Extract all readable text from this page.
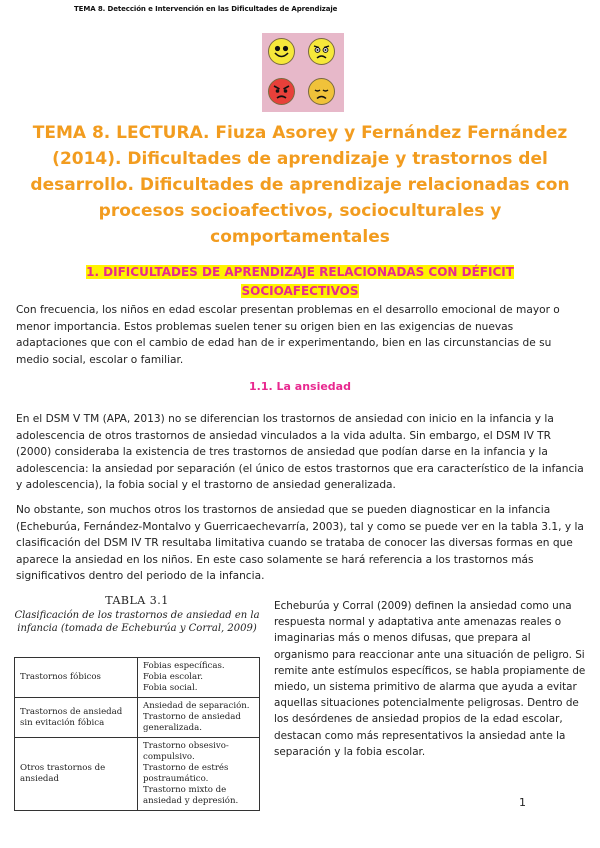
TEMA 8. Detección e Intervención en las Dificultades de Aprendizaje
TEMA 8. LECTURA. Fiuza Asorey y Fernández Fernández (2014). Dificultades de aprendizaje y trastornos del desarrollo. Dificultades de aprendizaje relacionadas con procesos socioafectivos, socioculturales y comportamentales
1. DIFICULTADES DE APRENDIZAJE RELACIONADAS CON DÉFICIT SOCIOAFECTIVOS
Con frecuencia, los niños en edad escolar presentan problemas en el desarrollo emocional de mayor o menor importancia. Estos problemas suelen tener su origen bien en las exigencias de nuevas adaptaciones que con el cambio de edad han de ir experimentando, bien en las circunstancias de su medio social, escolar o familiar.
1.1. La ansiedad
En el DSM V TM (APA, 2013) no se diferencian los trastornos de ansiedad con inicio en la infancia y la adolescencia de otros trastornos de ansiedad vinculados a la vida adulta. Sin embargo, el DSM IV TR (2000) consideraba la existencia de tres trastornos de ansiedad que podían darse en la infancia y la adolescencia: la ansiedad por separación (el único de estos trastornos que era característico de la infancia y adolescencia), la fobia social y el trastorno de ansiedad generalizada.
No obstante, son muchos otros los trastornos de ansiedad que se pueden diagnosticar en la infancia (Echeburúa, Fernández-Montalvo y Guerricaechevarría, 2003), tal y como se puede ver en la tabla 3.1, y la clasificación del DSM IV TR resultaba limitativa cuando se trataba de conocer las diversas formas en que aparece la ansiedad en los niños. En este caso solamente se hará referencia a los trastornos más significativos dentro del periodo de la infancia.
TABLA 3.1
Clasificación de los trastornos de ansiedad en la infancia (tomada de Echeburúa y Corral, 2009)
Trastornos fóbicos	Fobias específicas.
Fobia escolar.
Fobia social.

Trastornos de ansiedad sin evitación fóbica	Ansiedad de separación.
Trastorno de ansiedad generalizada.

Otros trastornos de ansiedad	Trastorno obsesivo-compulsivo.
Trastorno de estrés postraumático.
Trastorno mixto de ansiedad y depresión.
Echeburúa y Corral (2009) definen la ansiedad como una respuesta normal y adaptativa ante amenazas reales o imaginarias más o menos difusas, que prepara al organismo para reaccionar ante una situación de peligro. Si remite ante estímulos específicos, se habla propiamente de miedo, un sistema primitivo de alarma que ayuda a evitar aquellas situaciones potencialmente peligrosas. Dentro de los desórdenes de ansiedad propios de la edad escolar, destacan como más representativos la ansiedad ante la separación y la fobia escolar.
1
